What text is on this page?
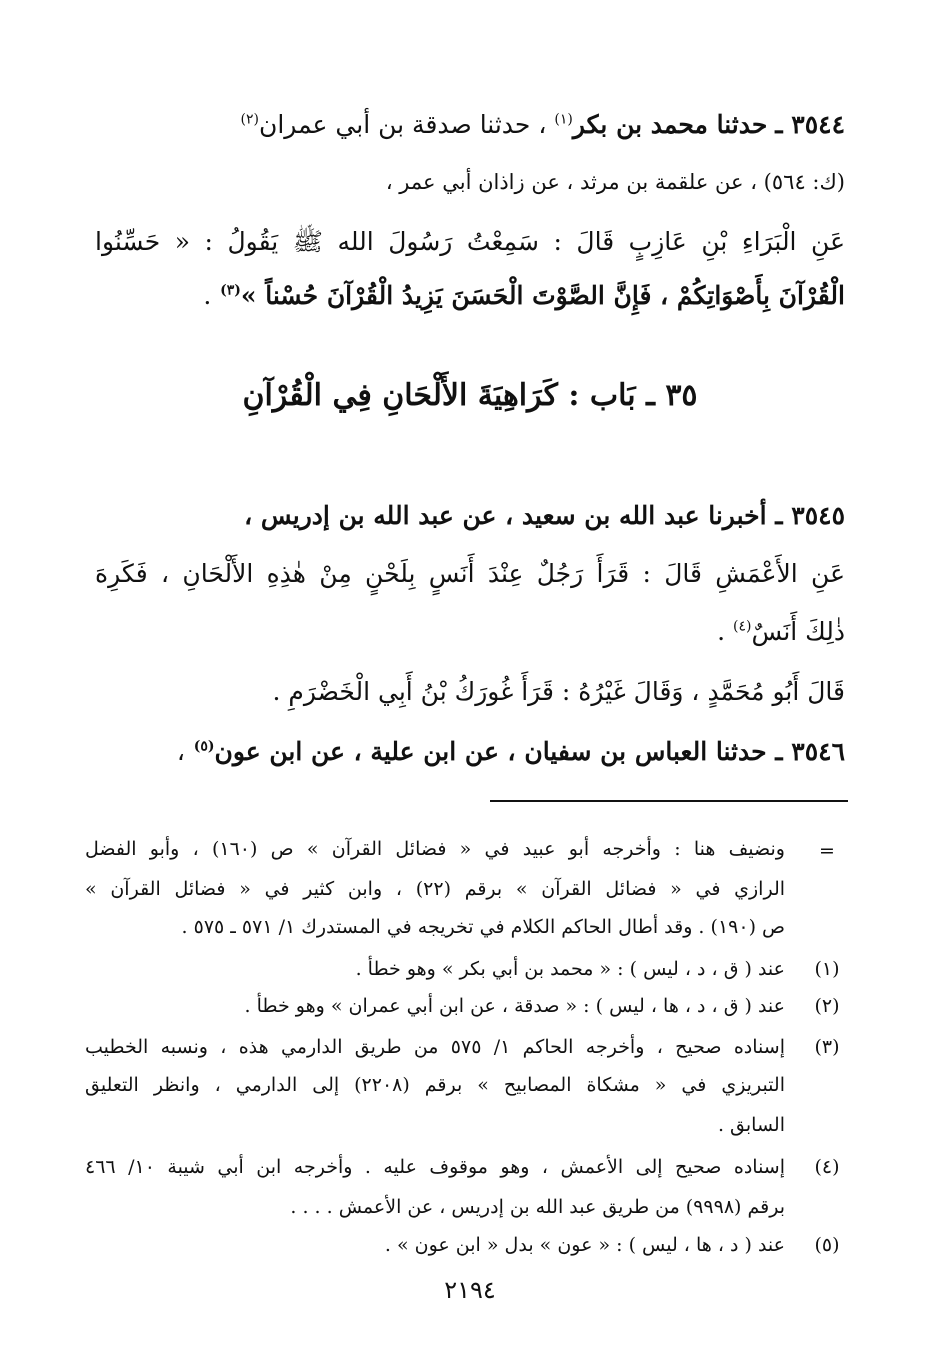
٣٥٤٤ ـ حدثنا محمد بن بكر$^{(١)}$ ، حدثنا صدقة بن أبي عمران$^{(٢)}$
(ك: ٥٦٤) ، عن علقمة بن مرثد ، عن زاذان أبي عمر ،
عَنِ الْبَرَاءِ بْنِ عَازِبٍ قَالَ : سَمِعْتُ رَسُولَ الله ﷺ يَقُولُ : « حَسِّنُوا
الْقُرْآنَ بِأَصْوَاتِكُمْ ، فَإِنَّ الصَّوْتَ الْحَسَنَ يَزِيدُ الْقُرْآنَ حُسْناً »$^{(٣)}$ .
٣٥ ـ بَاب : كَرَاهِيَةَ الأَلْحَانِ فِي الْقُرْآنِ
٣٥٤٥ ـ أخبرنا عبد الله بن سعيد ، عن عبد الله بن إدريس ،
عَنِ الأَعْمَشِ قَالَ : قَرَأَ رَجُلٌ عِنْدَ أَنَسٍ بِلَحْنٍ مِنْ هٰذِهِ الأَلْحَانِ ، فَكَرِهَ
ذٰلِكَ أَنَسٌ$^{(٤)}$ .
قَالَ أَبُو مُحَمَّدٍ ، وَقَالَ غَيْرُهُ : قَرَأَ غُورَكُ بْنُ أَبِي الْخَضْرَمِ .
٣٥٤٦ ـ حدثنا العباس بن سفيان ، عن ابن علية ، عن ابن عون$^{(٥)}$ ،
=
ونضيف هنا : وأخرجه أبو عبيد في « فضائل القرآن » ص (١٦٠) ، وأبو الفضل
الرازي في « فضائل القرآن » برقم (٢٢) ، وابن كثير في « فضائل القرآن »
ص (١٩٠) . وقد أطال الحاكم الكلام في تخريجه في المستدرك ١/ ٥٧١ ـ ٥٧٥ .
(١)
عند ( ق ، د ، ليس ) : « محمد بن أبي بكر » وهو خطأ .
(٢)
عند ( ق ، د ، ها ، ليس ) : « صدقة ، عن ابن أبي عمران » وهو خطأ .
(٣)
إسناده صحيح ، وأخرجه الحاكم ١/ ٥٧٥ من طريق الدارمي هذه ، ونسبه الخطيب
التبريزي في « مشكاة المصابيح » برقم (٢٢٠٨) إلى الدارمي ، وانظر التعليق
السابق .
(٤)
إسناده صحيح إلى الأعمش ، وهو موقوف عليه . وأخرجه ابن أبي شيبة ١٠/ ٤٦٦
برقم (٩٩٩٨) من طريق عبد الله بن إدريس ، عن الأعمش . . . .
(٥)
عند ( د ، ها ، ليس ) : « عون » بدل « ابن عون » .
٢١٩٤
